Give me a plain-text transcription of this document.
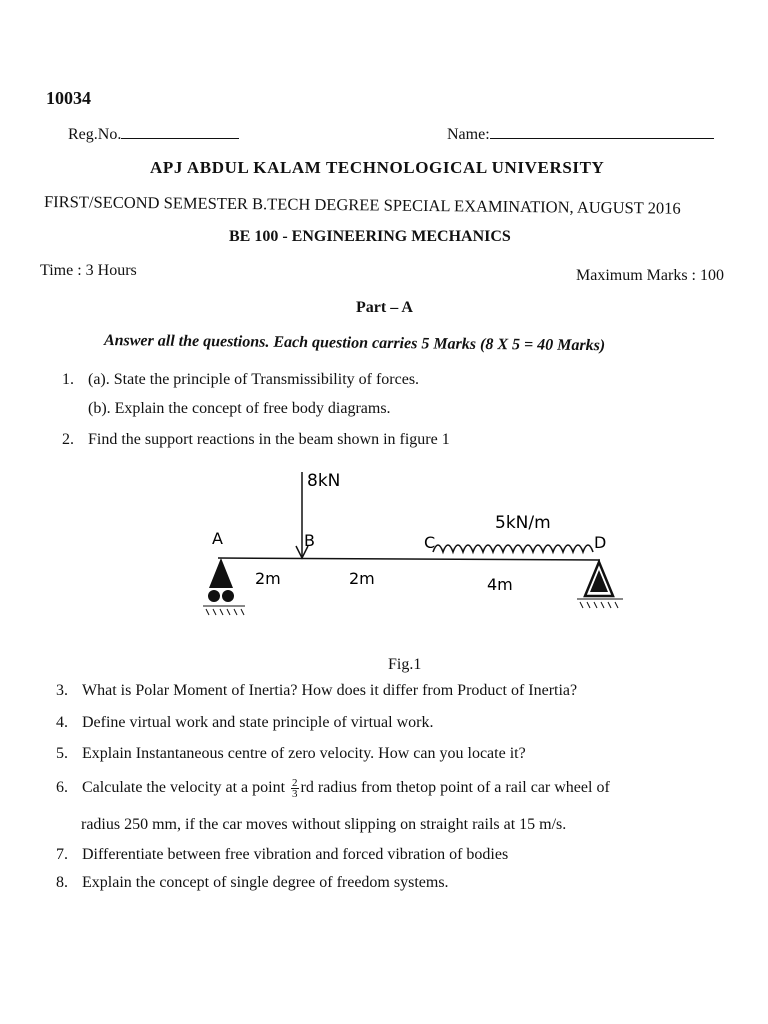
10034
Reg.No.	Name:
APJ ABDUL KALAM TECHNOLOGICAL UNIVERSITY
FIRST/SECOND SEMESTER B.TECH DEGREE SPECIAL EXAMINATION, AUGUST 2016
BE 100 - ENGINEERING MECHANICS
Time : 3 Hours	Maximum Marks : 100
Part – A
Answer all the questions. Each question carries 5 Marks (8 X 5 = 40 Marks)
1. (a). State the principle of Transmissibility of forces.
(b). Explain the concept of free body diagrams.
2. Find the support reactions in the beam shown in figure 1
8kN
5kN/m
A	B	C	D
2m	2m	4m
Fig.1
3. What is Polar Moment of Inertia? How does it differ from Product of Inertia?
4. Define virtual work and state principle of virtual work.
5. Explain Instantaneous centre of zero velocity. How can you locate it?
6. Calculate the velocity at a point $\frac{2}{3}$ rd radius from thetop point of a rail car wheel of
radius 250 mm, if the car moves without slipping on straight rails at 15 m/s.
7. Differentiate between free vibration and forced vibration of bodies
8. Explain the concept of single degree of freedom systems.
